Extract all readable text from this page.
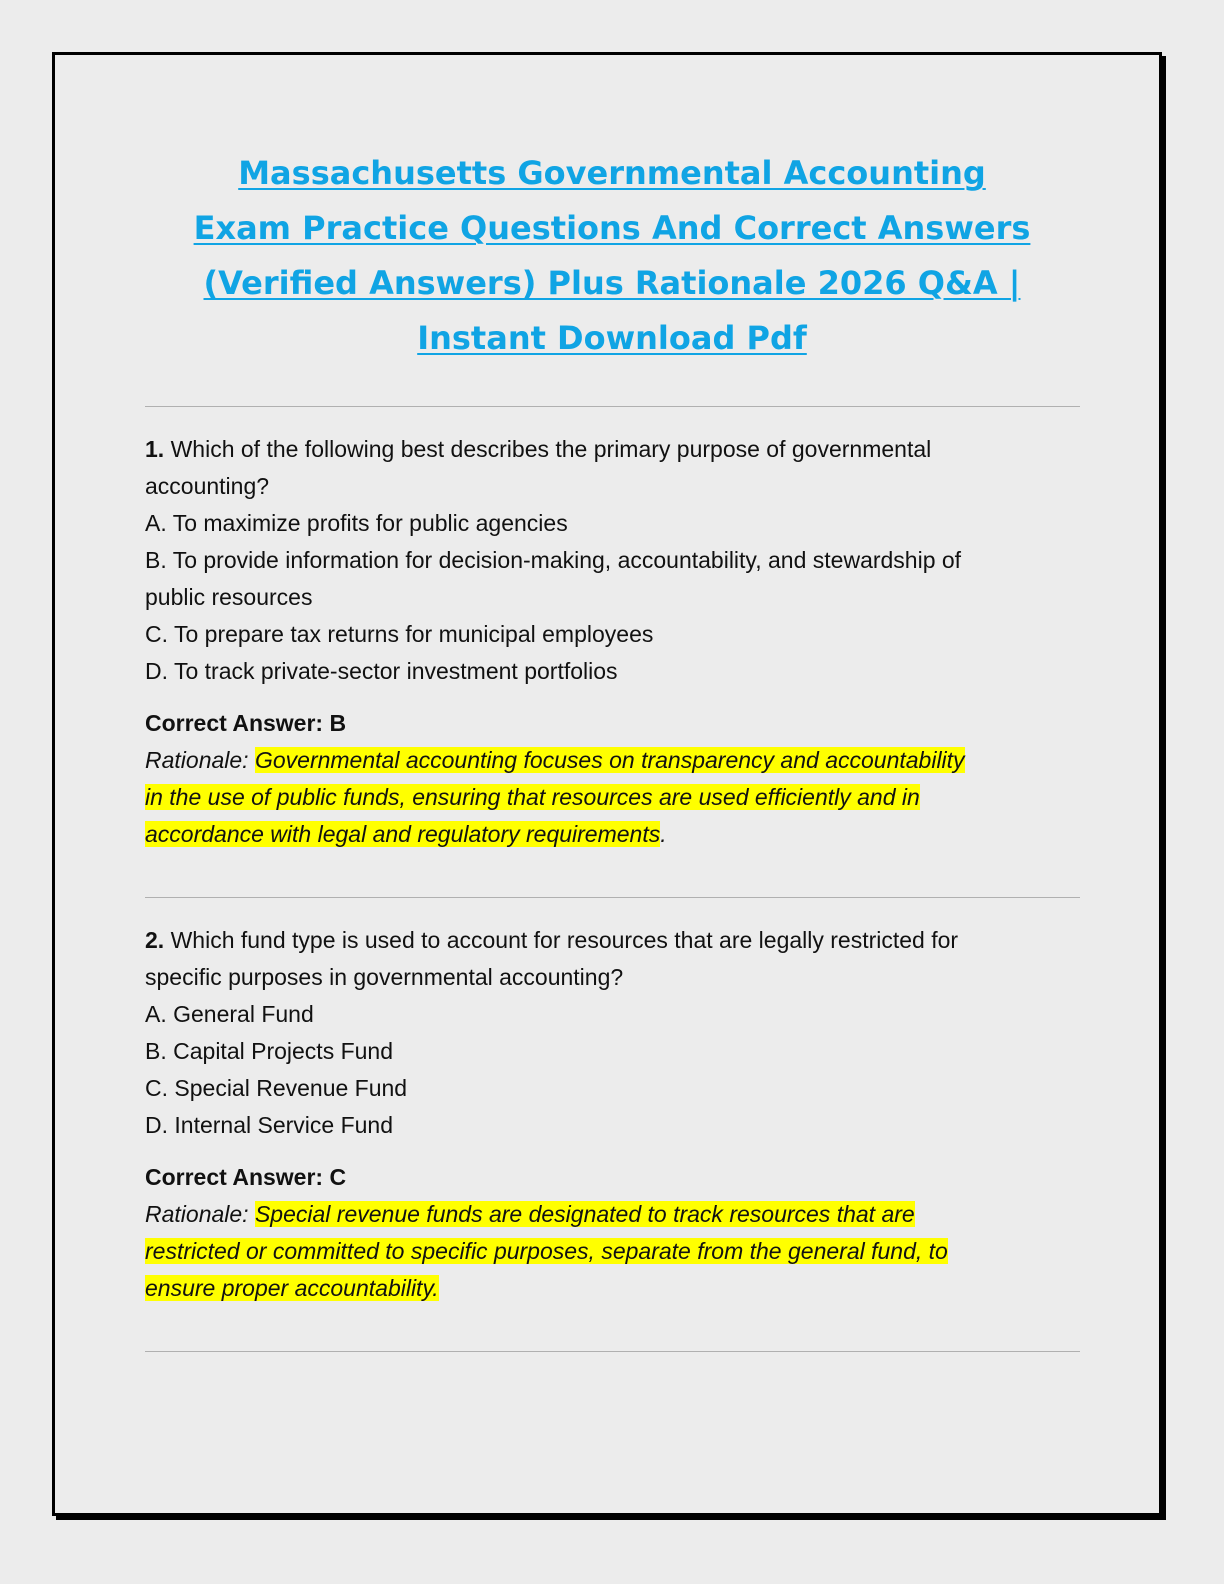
Massachusetts Governmental Accounting
Exam Practice Questions And Correct Answers
(Verified Answers) Plus Rationale 2026 Q&A |
Instant Download Pdf
1. Which of the following best describes the primary purpose of governmental
accounting?
A. To maximize profits for public agencies
B. To provide information for decision-making, accountability, and stewardship of
public resources
C. To prepare tax returns for municipal employees
D. To track private-sector investment portfolios
Correct Answer: B
Rationale: Governmental accounting focuses on transparency and accountability
in the use of public funds, ensuring that resources are used efficiently and in
accordance with legal and regulatory requirements.
2. Which fund type is used to account for resources that are legally restricted for
specific purposes in governmental accounting?
A. General Fund
B. Capital Projects Fund
C. Special Revenue Fund
D. Internal Service Fund
Correct Answer: C
Rationale: Special revenue funds are designated to track resources that are
restricted or committed to specific purposes, separate from the general fund, to
ensure proper accountability.
